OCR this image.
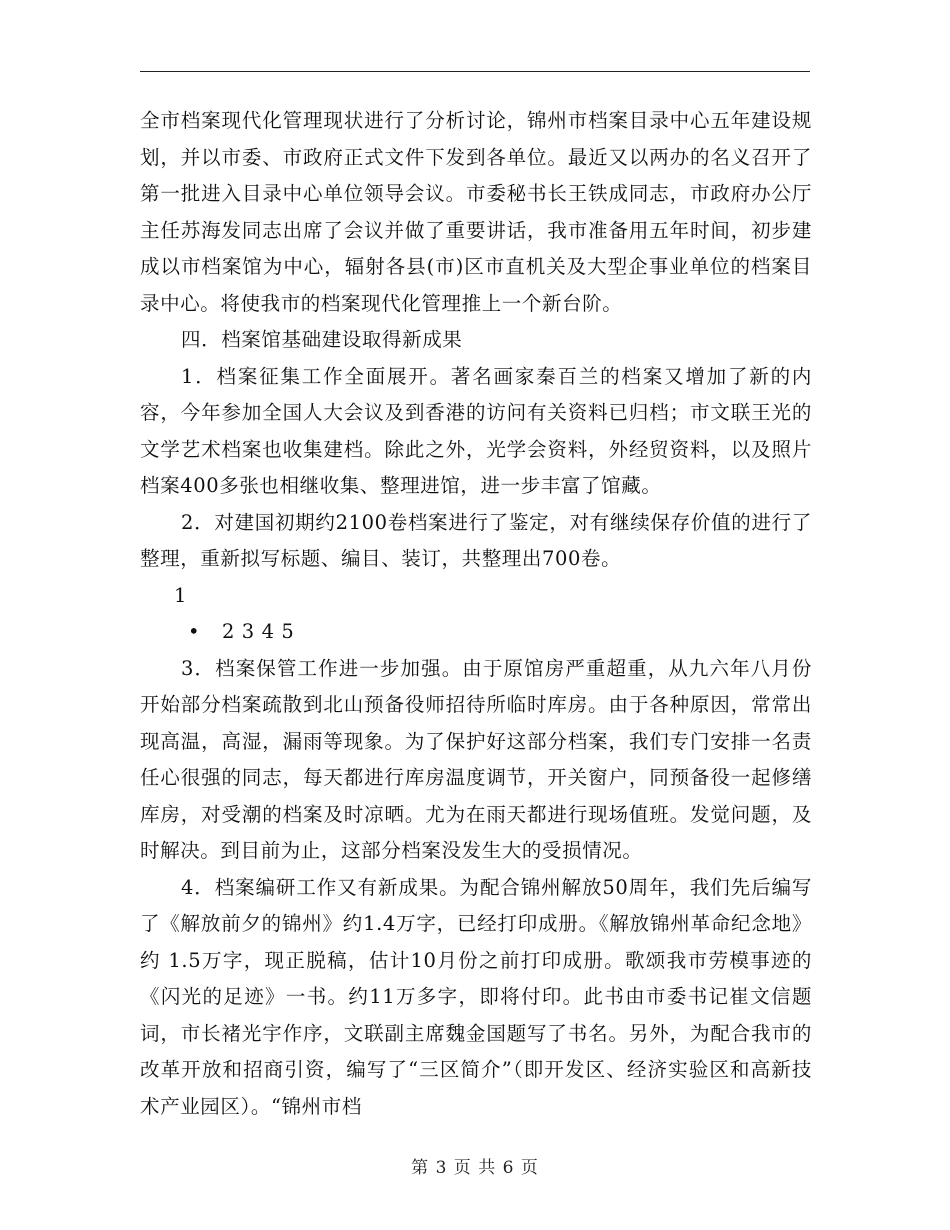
全市档案现代化管理现状进行了分析讨论，锦州市档案目录中心五年建设规划，并以市委、市政府正式文件下发到各单位。最近又以两办的名义召开了第一批进入目录中心单位领导会议。市委秘书长王铁成同志，市政府办公厅主任苏海发同志出席了会议并做了重要讲话，我市准备用五年时间，初步建成以市档案馆为中心，辐射各县(市)区市直机关及大型企事业单位的档案目录中心。将使我市的档案现代化管理推上一个新台阶。

四．档案馆基础建设取得新成果

1．档案征集工作全面展开。著名画家秦百兰的档案又增加了新的内容，今年参加全国人大会议及到香港的访问有关资料已归档；市文联王光的文学艺术档案也收集建档。除此之外，光学会资料，外经贸资料，以及照片档案400多张也相继收集、整理进馆，进一步丰富了馆藏。

2．对建国初期约2100卷档案进行了鉴定，对有继续保存价值的进行了整理，重新拟写标题、编目、装订，共整理出700卷。

1

• 2 3 4 5

3．档案保管工作进一步加强。由于原馆房严重超重，从九六年八月份开始部分档案疏散到北山预备役师招待所临时库房。由于各种原因，常常出现高温，高湿，漏雨等现象。为了保护好这部分档案，我们专门安排一名责任心很强的同志，每天都进行库房温度调节，开关窗户，同预备役一起修缮库房，对受潮的档案及时凉晒。尤为在雨天都进行现场值班。发觉问题，及时解决。到目前为止，这部分档案没发生大的受损情况。

4．档案编研工作又有新成果。为配合锦州解放50周年，我们先后编写了《解放前夕的锦州》约1.4万字，已经打印成册。《解放锦州革命纪念地》约 1.5万字，现正脱稿，估计10月份之前打印成册。歌颂我市劳模事迹的《闪光的足迹》一书。约11万多字，即将付印。此书由市委书记崔文信题词，市长褚光宇作序，文联副主席魏金国题写了书名。另外，为配合我市的改革开放和招商引资，编写了“三区简介”（即开发区、经济实验区和高新技术产业园区）。“锦州市档

第 3 页 共 6 页
